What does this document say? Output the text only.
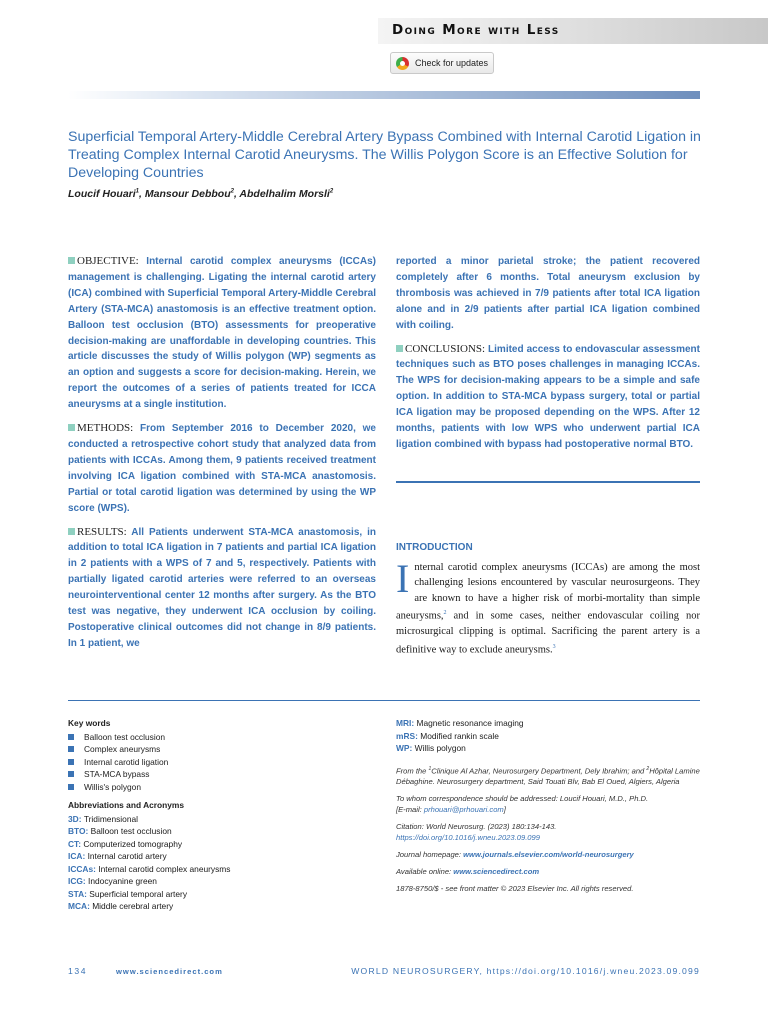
Doing More with Less
Check for updates
Superficial Temporal Artery-Middle Cerebral Artery Bypass Combined with Internal Carotid Ligation in Treating Complex Internal Carotid Aneurysms. The Willis Polygon Score is an Effective Solution for Developing Countries
Loucif Houari$^1$, Mansour Debbou$^2$, Abdelhalim Morsli$^2$

OBJECTIVE: Internal carotid complex aneurysms (ICCAs) management is challenging. Ligating the internal carotid artery (ICA) combined with Superficial Temporal Artery-Middle Cerebral Artery (STA-MCA) anastomosis is an effective treatment option. Balloon test occlusion (BTO) assessments for preoperative decision-making are unaffordable in developing countries. This article discusses the study of Willis polygon (WP) segments as an option and suggests a score for decision-making. Herein, we report the outcomes of a series of patients treated for ICCA aneurysms at a single institution.

METHODS: From September 2016 to December 2020, we conducted a retrospective cohort study that analyzed data from patients with ICCAs. Among them, 9 patients received treatment involving ICA ligation combined with STA-MCA anastomosis. Partial or total carotid ligation was determined by using the WP score (WPS).

RESULTS: All Patients underwent STA-MCA anastomosis, in addition to total ICA ligation in 7 patients and partial ICA ligation in 2 patients with a WPS of 7 and 5, respectively. Patients with partially ligated carotid arteries were referred to an overseas neurointerventional center 12 months after surgery. As the BTO test was negative, they underwent ICA occlusion by coiling. Postoperative clinical outcomes did not change in 8/9 patients. In 1 patient, we

reported a minor parietal stroke; the patient recovered completely after 6 months. Total aneurysm exclusion by thrombosis was achieved in 7/9 patients after total ICA ligation alone and in 2/9 patients after partial ICA ligation combined with coiling.

CONCLUSIONS: Limited access to endovascular assessment techniques such as BTO poses challenges in managing ICCAs. The WPS for decision-making appears to be a simple and safe option. In addition to STA-MCA bypass surgery, total or partial ICA ligation may be proposed depending on the WPS. After 12 months, patients with low WPS who underwent partial ICA ligation combined with bypass had postoperative normal BTO.

INTRODUCTION
Internal carotid complex aneurysms (ICCAs) are among the most challenging lesions encountered by vascular neurosurgeons. They are known to have a higher risk of morbi-mortality than simple aneurysms,$^2$ and in some cases, neither endovascular coiling nor microsurgical clipping is optimal. Sacrificing the parent artery is a definitive way to exclude aneurysms.$^3$
Key words
Balloon test occlusion
Complex aneurysms
Internal carotid ligation
STA-MCA bypass
Willis's polygon
Abbreviations and Acronyms
3D : Tridimensional
BTO : Balloon test occlusion
CT : Computerized tomography
ICA : Internal carotid artery
ICCAs : Internal carotid complex aneurysms
ICG : Indocyanine green
STA : Superficial temporal artery
MCA : Middle cerebral artery
MRI : Magnetic resonance imaging
mRS : Modified rankin scale
WP : Willis polygon

From the $^1$Clinique Al Azhar, Neurosurgery Department, Dely Ibrahim; and $^2$Hôpital Lamine Débaghine. Neurosurgery department, Said Touati Blv, Bab El Oued, Algiers, Algeria

To whom correspondence should be addressed: Loucif Houari, M.D., Ph.D.
[E-mail: prhouari@prhouari.com]

Citation: World Neurosurg. (2023) 180:134-143.
https://doi.org/10.1016/j.wneu.2023.09.099

Journal homepage: www.journals.elsevier.com/world-neurosurgery

Available online: www.sciencedirect.com

1878-8750/$ - see front matter © 2023 Elsevier Inc. All rights reserved.

134	www.sciencedirect.com	WORLD NEUROSURGERY, https://doi.org/10.1016/j.wneu.2023.09.099
